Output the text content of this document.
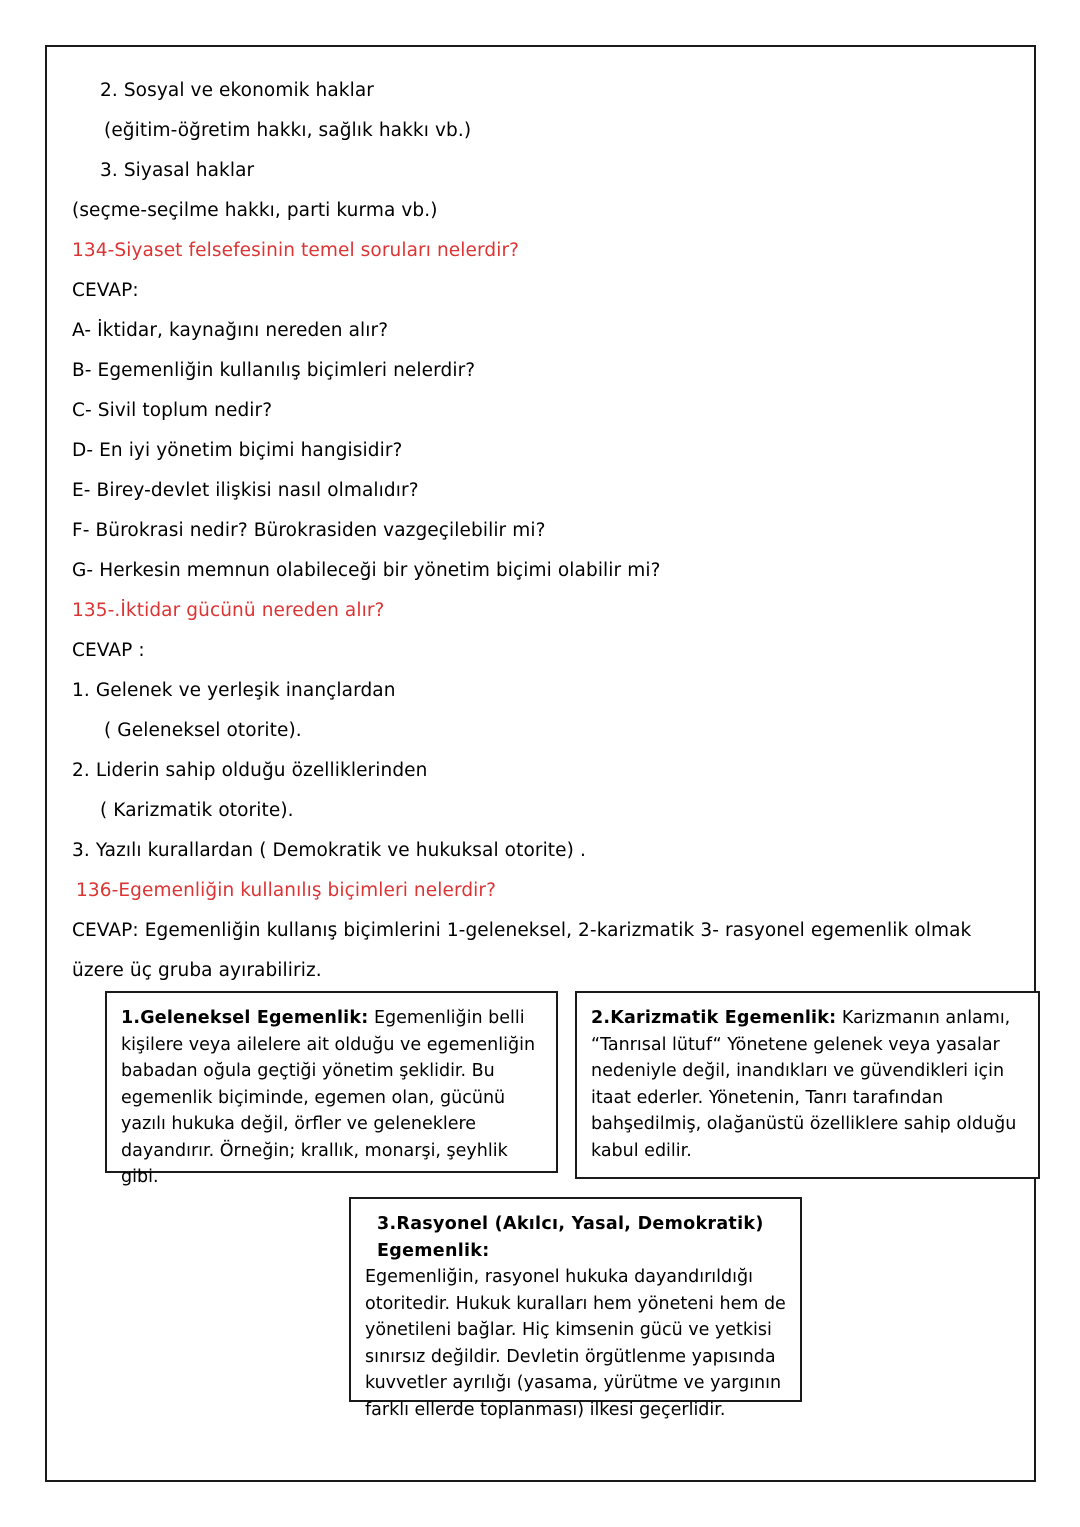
2. Sosyal ve ekonomik haklar
(eğitim-öğretim hakkı, sağlık hakkı vb.)
3. Siyasal haklar
(seçme-seçilme hakkı, parti kurma vb.)
134-Siyaset felsefesinin temel soruları nelerdir?
CEVAP:
A- İktidar, kaynağını nereden alır?
B- Egemenliğin kullanılış biçimleri nelerdir?
C- Sivil toplum nedir?
D- En iyi yönetim biçimi hangisidir?
E- Birey-devlet ilişkisi nasıl olmalıdır?
F- Bürokrasi nedir? Bürokrasiden vazgeçilebilir mi?
G- Herkesin memnun olabileceği bir yönetim biçimi olabilir mi?
135-.İktidar gücünü nereden alır?
CEVAP :
1. Gelenek ve yerleşik inançlardan
( Geleneksel otorite).
2. Liderin sahip olduğu özelliklerinden
( Karizmatik otorite).
3. Yazılı kurallardan ( Demokratik ve hukuksal otorite) .
136-Egemenliğin kullanılış biçimleri nelerdir?
CEVAP: Egemenliğin kullanış biçimlerini 1-geleneksel, 2-karizmatik 3- rasyonel egemenlik olmak üzere üç gruba ayırabiliriz.

1.Geleneksel Egemenlik: Egemenliğin belli kişilere veya ailelere ait olduğu ve egemenliğin babadan oğula geçtiği yönetim şeklidir. Bu egemenlik biçiminde, egemen olan, gücünü yazılı hukuka değil, örfler ve geleneklere dayandırır. Örneğin; krallık, monarşi, şeyhlik gibi.

2.Karizmatik Egemenlik: Karizmanın anlamı, “Tanrısal lütuf“ Yönetene gelenek veya yasalar nedeniyle değil, inandıkları ve güvendikleri için itaat ederler. Yönetenin, Tanrı tarafından bahşedilmiş, olağanüstü özelliklere sahip olduğu kabul edilir.

3.Rasyonel (Akılcı, Yasal, Demokratik) Egemenlik:
Egemenliğin, rasyonel hukuka dayandırıldığı otoritedir. Hukuk kuralları hem yöneteni hem de yönetileni bağlar. Hiç kimsenin gücü ve yetkisi sınırsız değildir. Devletin örgütlenme yapısında kuvvetler ayrılığı (yasama, yürütme ve yargının farklı ellerde toplanması) ilkesi geçerlidir.
